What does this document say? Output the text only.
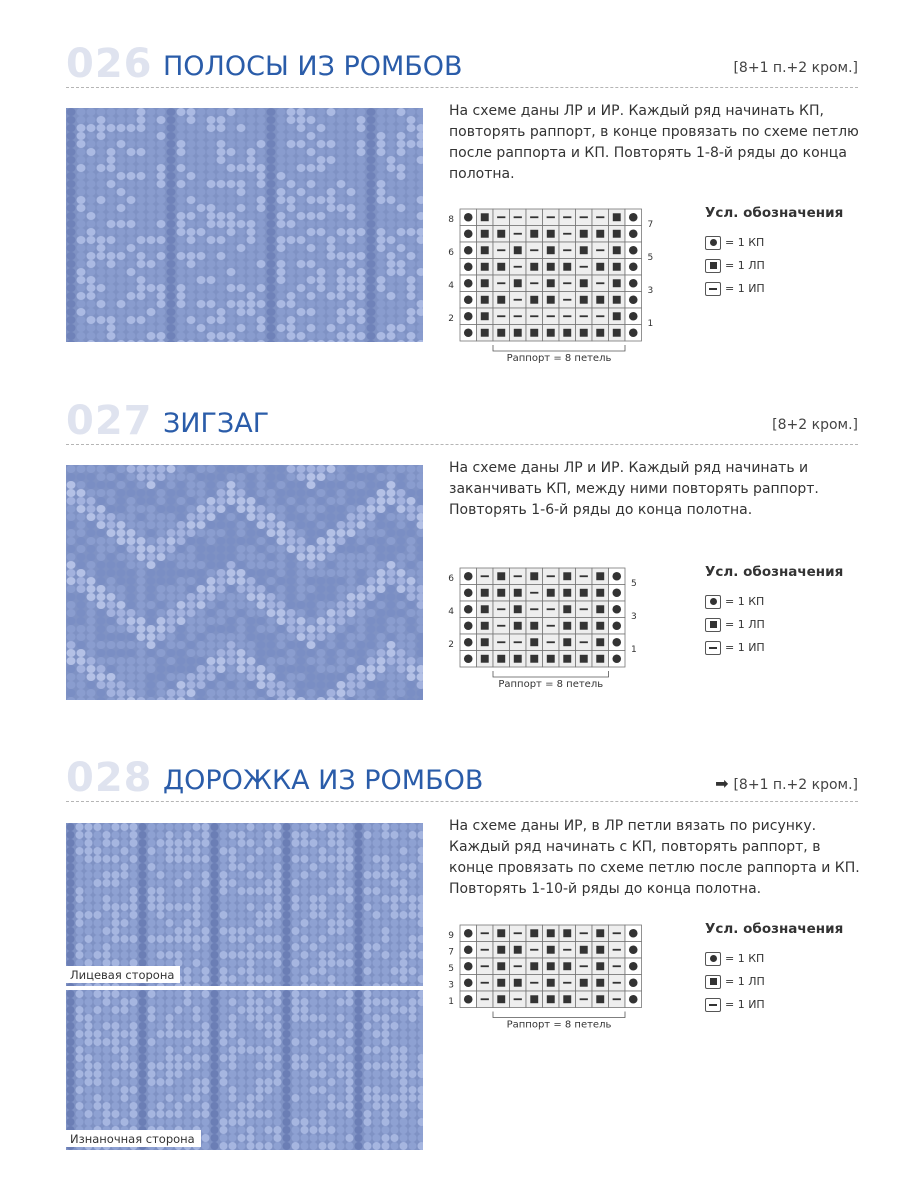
026 ПОЛОСЫ ИЗ РОМБОВ	[8+1 п.+2 кром.]
На схеме даны ЛР и ИР. Каждый ряд начинать КП, повторять раппорт, в конце провязать по схеме петлю после раппорта и КП. Повторять 1-8-й ряды до конца полотна.
8
6
4
2
7
5
3
1
Раппорт = 8 петель
Усл. обозначения
= 1 КП
= 1 ЛП
= 1 ИП
027 ЗИГЗАГ	[8+2 кром.]
На схеме даны ЛР и ИР. Каждый ряд начинать и заканчивать КП, между ними повторять раппорт. Повторять 1-6-й ряды до конца полотна.
6
4
2
5
3
1
Раппорт = 8 петель
Усл. обозначения
= 1 КП
= 1 ЛП
= 1 ИП
028 ДОРОЖКА ИЗ РОМБОВ	➡ [8+1 п.+2 кром.]
Лицевая сторона
Изнаночная сторона
На схеме даны ИР, в ЛР петли вязать по рисунку. Каждый ряд начинать с КП, повторять раппорт, в конце провязать по схеме петлю после раппорта и КП. Повторять 1-10-й ряды до конца полотна.
9
7
5
3
1
Раппорт = 8 петель
Усл. обозначения
= 1 КП
= 1 ЛП
= 1 ИП
